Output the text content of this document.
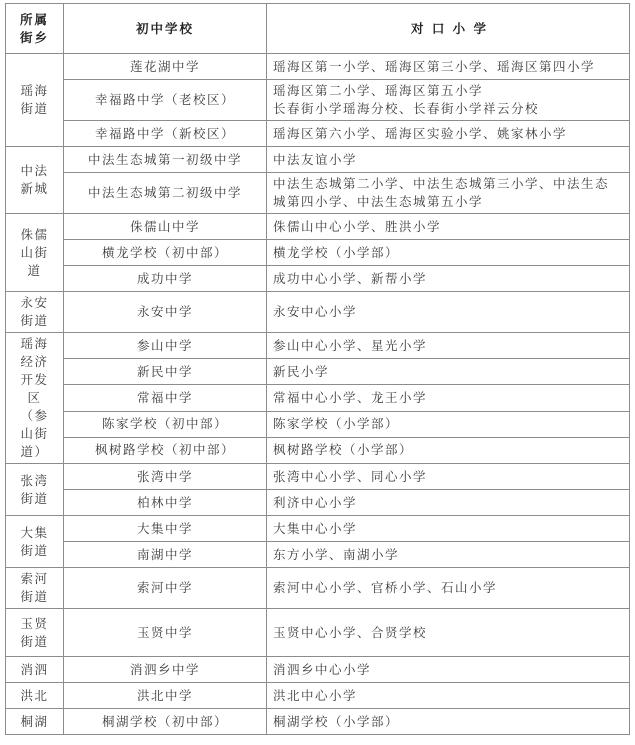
所属街乡	初中学校	对 口 小 学
瑶海街道	莲花湖中学	瑶海区第一小学、瑶海区第三小学、瑶海区第四小学

	幸福路中学（老校区）	瑶海区第二小学、瑶海区第五小学
长春街小学瑶海分校、长春街小学祥云分校

	幸福路中学（新校区）	瑶海区第六小学、瑶海区实验小学、姚家林小学

中法新城	中法生态城第一初级中学	中法友谊小学

	中法生态城第二初级中学	中法生态城第二小学、中法生态城第三小学、中法生态
城第四小学、中法生态城第五小学

侏儒山街道	侏儒山中学	侏儒山中心小学、胜洪小学

	横龙学校（初中部）	横龙学校（小学部）

	成功中学	成功中心小学、新帮小学

永安街道	永安中学	永安中心小学

瑶海经济开发区（参山街道）	参山中学	参山中心小学、星光小学

	新民中学	新民小学

	常福中学	常福中心小学、龙王小学

	陈家学校（初中部）	陈家学校（小学部）

	枫树路学校（初中部）	枫树路学校（小学部）

张湾街道	张湾中学	张湾中心小学、同心小学

	柏林中学	利济中心小学

大集街道	大集中学	大集中心小学

	南湖中学	东方小学、南湖小学

索河街道	索河中学	索河中心小学、官桥小学、石山小学

玉贤街道	玉贤中学	玉贤中心小学、合贤学校

消泗	消泗乡中学	消泗乡中心小学

洪北	洪北中学	洪北中心小学

桐湖	桐湖学校（初中部）	桐湖学校（小学部）
